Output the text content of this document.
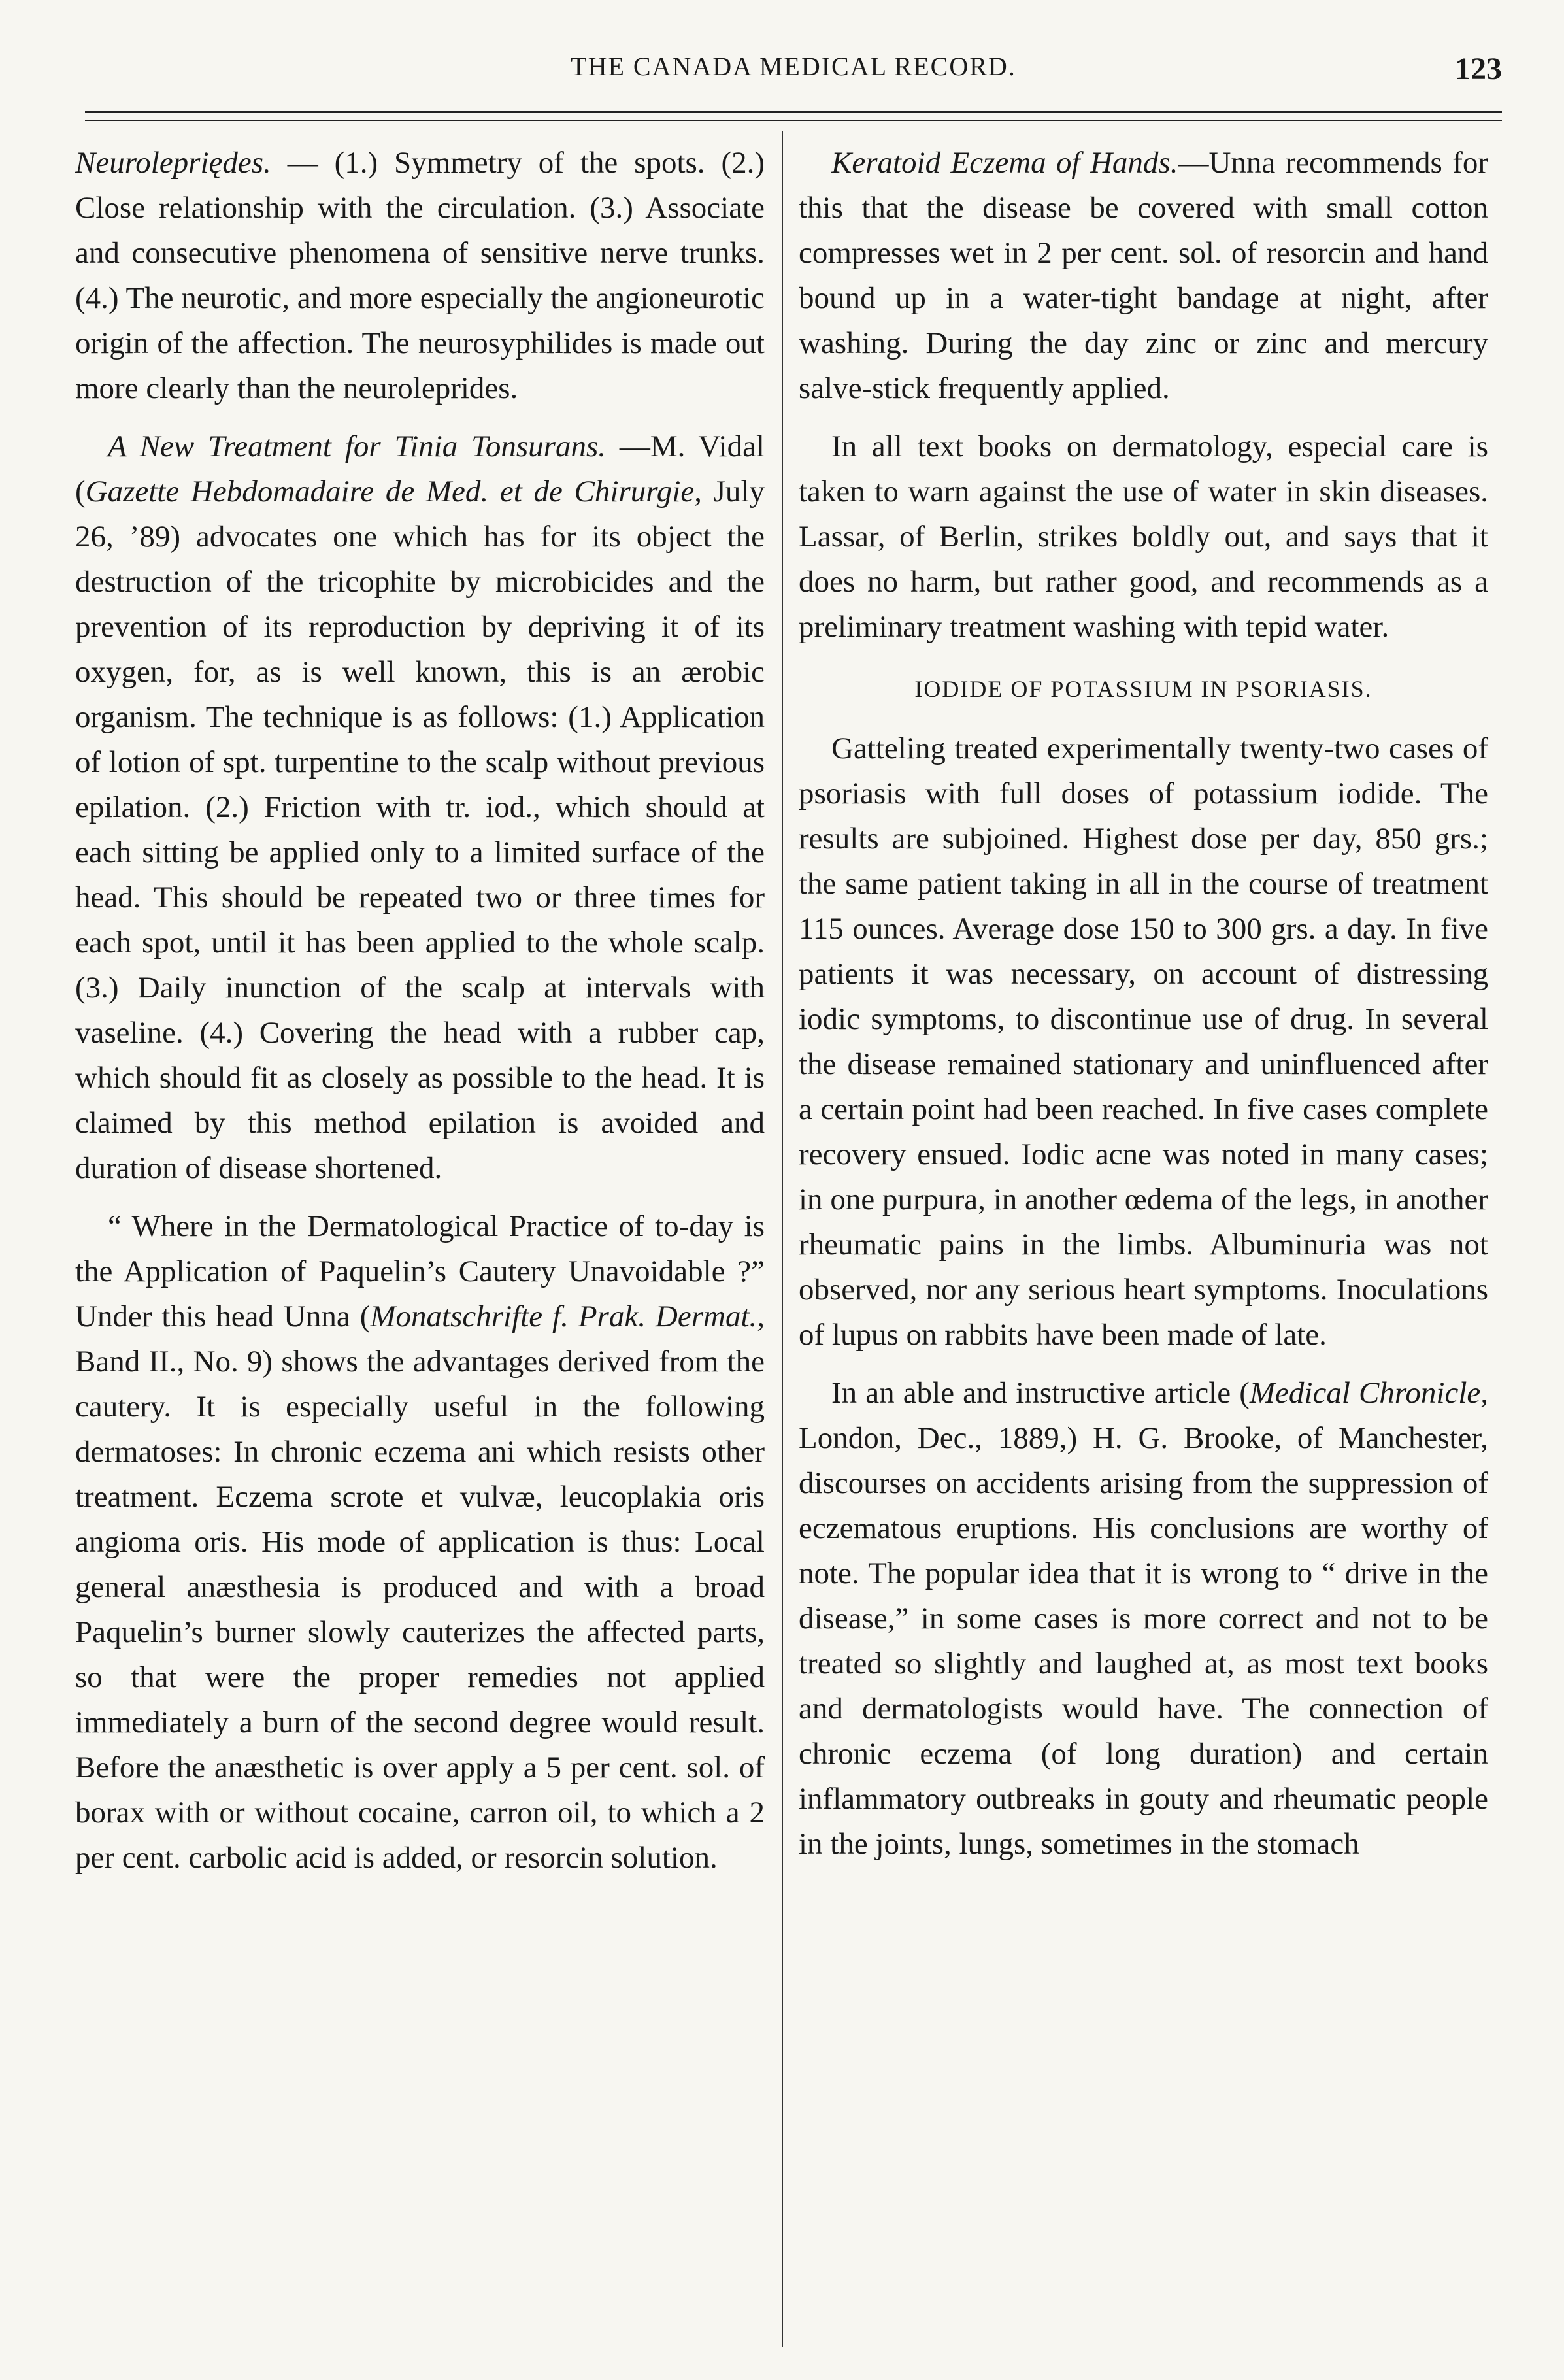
THE CANADA MEDICAL RECORD.	123

Neurolepriędes. — (1.) Symmetry of the spots. (2.) Close relationship with the circulation. (3.) Associate and consecutive phenomena of sensitive nerve trunks. (4.) The neurotic, and more especially the angioneurotic origin of the affection. The neurosyphilides is made out more clearly than the neuroleprides.

A New Treatment for Tinia Tonsurans. —M. Vidal (Gazette Hebdomadaire de Med. et de Chirurgie, July 26, ’89) advocates one which has for its object the destruction of the tricophite by microbicides and the prevention of its reproduction by depriving it of its oxygen, for, as is well known, this is an ærobic organism. The technique is as follows: (1.) Application of lotion of spt. turpentine to the scalp without previous epilation. (2.) Friction with tr. iod., which should at each sitting be applied only to a limited surface of the head. This should be repeated two or three times for each spot, until it has been applied to the whole scalp. (3.) Daily inunction of the scalp at intervals with vaseline. (4.) Covering the head with a rubber cap, which should fit as closely as possible to the head. It is claimed by this method epilation is avoided and duration of disease shortened.

“ Where in the Dermatological Practice of to-day is the Application of Paquelin’s Cautery Unavoidable ?” Under this head Unna (Monatschrifte f. Prak. Dermat., Band II., No. 9) shows the advantages derived from the cautery. It is especially useful in the following dermatoses: In chronic eczema ani which resists other treatment. Eczema scrote et vulvæ, leucoplakia oris angioma oris. His mode of application is thus: Local general anæsthesia is produced and with a broad Paquelin’s burner slowly cauterizes the affected parts, so that were the proper remedies not applied immediately a burn of the second degree would result. Before the anæsthetic is over apply a 5 per cent. sol. of borax with or without cocaine, carron oil, to which a 2 per cent. carbolic acid is added, or resorcin solution.

Keratoid Eczema of Hands.—Unna recommends for this that the disease be covered with small cotton compresses wet in 2 per cent. sol. of resorcin and hand bound up in a water-tight bandage at night, after washing. During the day zinc or zinc and mercury salve-stick frequently applied.

In all text books on dermatology, especial care is taken to warn against the use of water in skin diseases. Lassar, of Berlin, strikes boldly out, and says that it does no harm, but rather good, and recommends as a preliminary treatment washing with tepid water.

IODIDE OF POTASSIUM IN PSORIASIS.

Gatteling treated experimentally twenty-two cases of psoriasis with full doses of potassium iodide. The results are subjoined. Highest dose per day, 850 grs.; the same patient taking in all in the course of treatment 115 ounces. Average dose 150 to 300 grs. a day. In five patients it was necessary, on account of distressing iodic symptoms, to discontinue use of drug. In several the disease remained stationary and uninfluenced after a certain point had been reached. In five cases complete recovery ensued. Iodic acne was noted in many cases; in one purpura, in another œdema of the legs, in another rheumatic pains in the limbs. Albuminuria was not observed, nor any serious heart symptoms. Inoculations of lupus on rabbits have been made of late.

In an able and instructive article (Medical Chronicle, London, Dec., 1889,) H. G. Brooke, of Manchester, discourses on accidents arising from the suppression of eczematous eruptions. His conclusions are worthy of note. The popular idea that it is wrong to “ drive in the disease,” in some cases is more correct and not to be treated so slightly and laughed at, as most text books and dermatologists would have. The connection of chronic eczema (of long duration) and certain inflammatory outbreaks in gouty and rheumatic people in the joints, lungs, sometimes in the stomach
